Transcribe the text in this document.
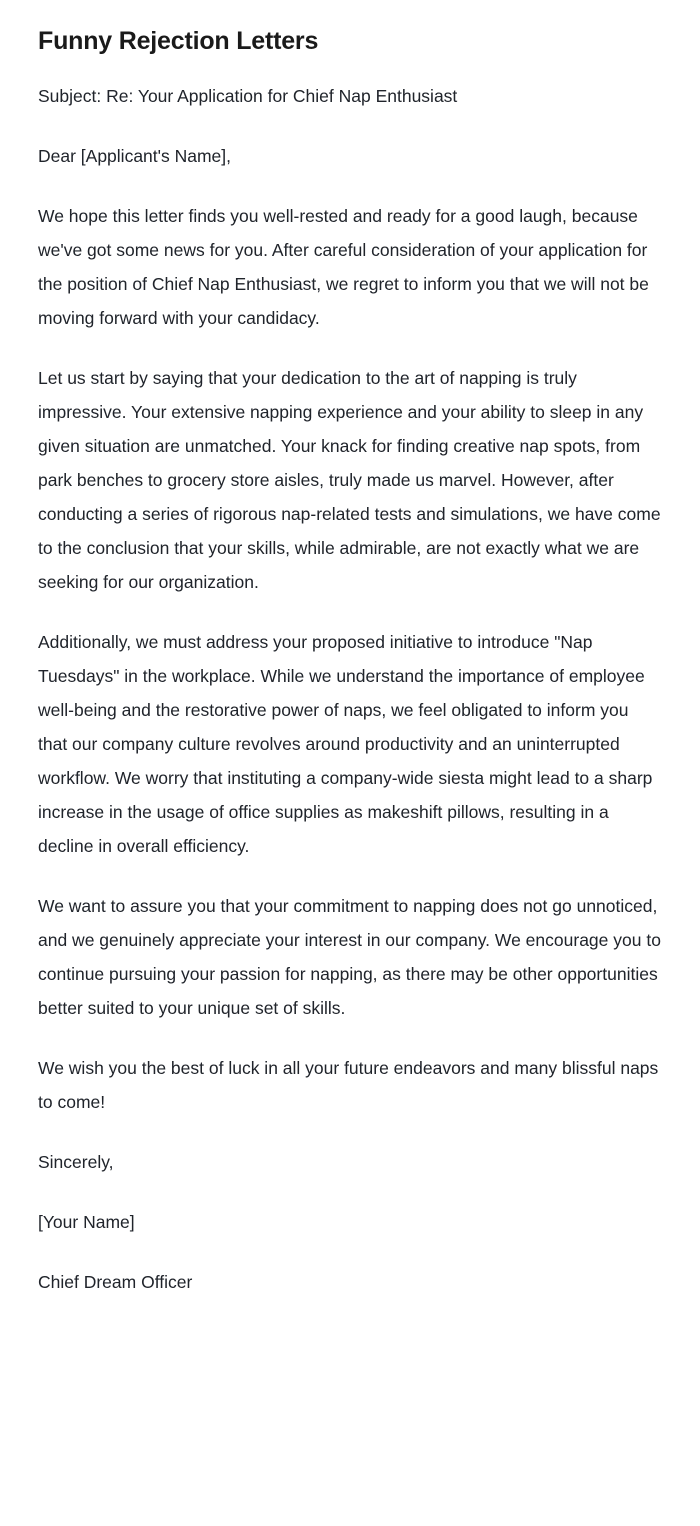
Funny Rejection Letters

Subject: Re: Your Application for Chief Nap Enthusiast

Dear [Applicant's Name],

We hope this letter finds you well-rested and ready for a good laugh, because we've got some news for you. After careful consideration of your application for the position of Chief Nap Enthusiast, we regret to inform you that we will not be moving forward with your candidacy.

Let us start by saying that your dedication to the art of napping is truly impressive. Your extensive napping experience and your ability to sleep in any given situation are unmatched. Your knack for finding creative nap spots, from park benches to grocery store aisles, truly made us marvel. However, after conducting a series of rigorous nap-related tests and simulations, we have come to the conclusion that your skills, while admirable, are not exactly what we are seeking for our organization.

Additionally, we must address your proposed initiative to introduce "Nap Tuesdays" in the workplace. While we understand the importance of employee well-being and the restorative power of naps, we feel obligated to inform you that our company culture revolves around productivity and an uninterrupted workflow. We worry that instituting a company-wide siesta might lead to a sharp increase in the usage of office supplies as makeshift pillows, resulting in a decline in overall efficiency.

We want to assure you that your commitment to napping does not go unnoticed, and we genuinely appreciate your interest in our company. We encourage you to continue pursuing your passion for napping, as there may be other opportunities better suited to your unique set of skills.

We wish you the best of luck in all your future endeavors and many blissful naps to come!

Sincerely,

[Your Name]

Chief Dream Officer
